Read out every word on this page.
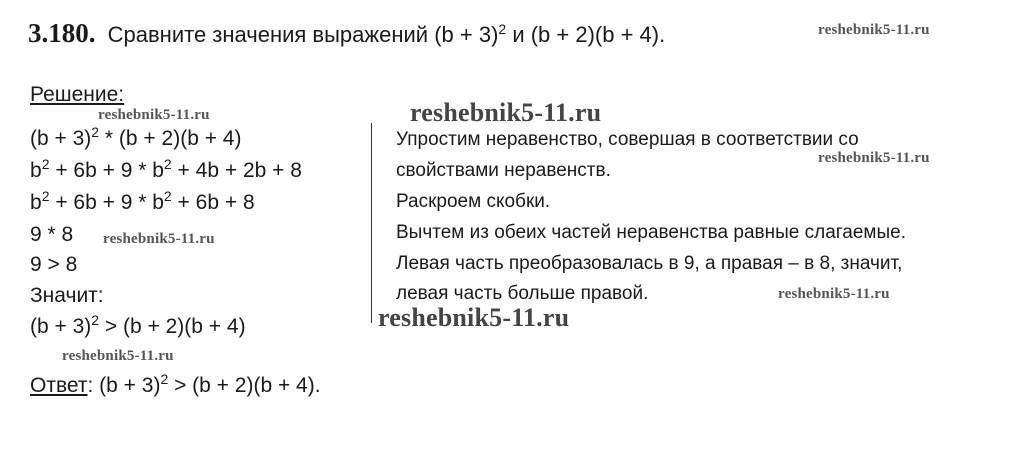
3.180. Сравните значения выражений $(b + 3)^2$ и (b + 2)(b + 4).	reshebnik5-11.ru
reshebnik5-11.ru	reshebnik5-11.ru
reshebnik5-11.ru
reshebnik5-11.ru
reshebnik5-11.ru
reshebnik5-11.ru
reshebnik5-11.ru
Решение:
$(b + 3)^2 * (b + 2)(b + 4)$
$b^2 + 6b + 9 * b^2 + 4b + 2b + 8$
$b^2 + 6b + 9 * b^2 + 6b + 8$
9 * 8
9 > 8
Значит:
$(b + 3)^2 > (b + 2)(b + 4)$
Упростим неравенство, совершая в соответствии со
свойствами неравенств.
Раскроем скобки.
Вычтем из обеих частей неравенства равные слагаемые.
Левая часть преобразовалась в 9, а правая – в 8, значит,
левая часть больше правой.
Ответ: $(b + 3)^2 > (b + 2)(b + 4)$.
